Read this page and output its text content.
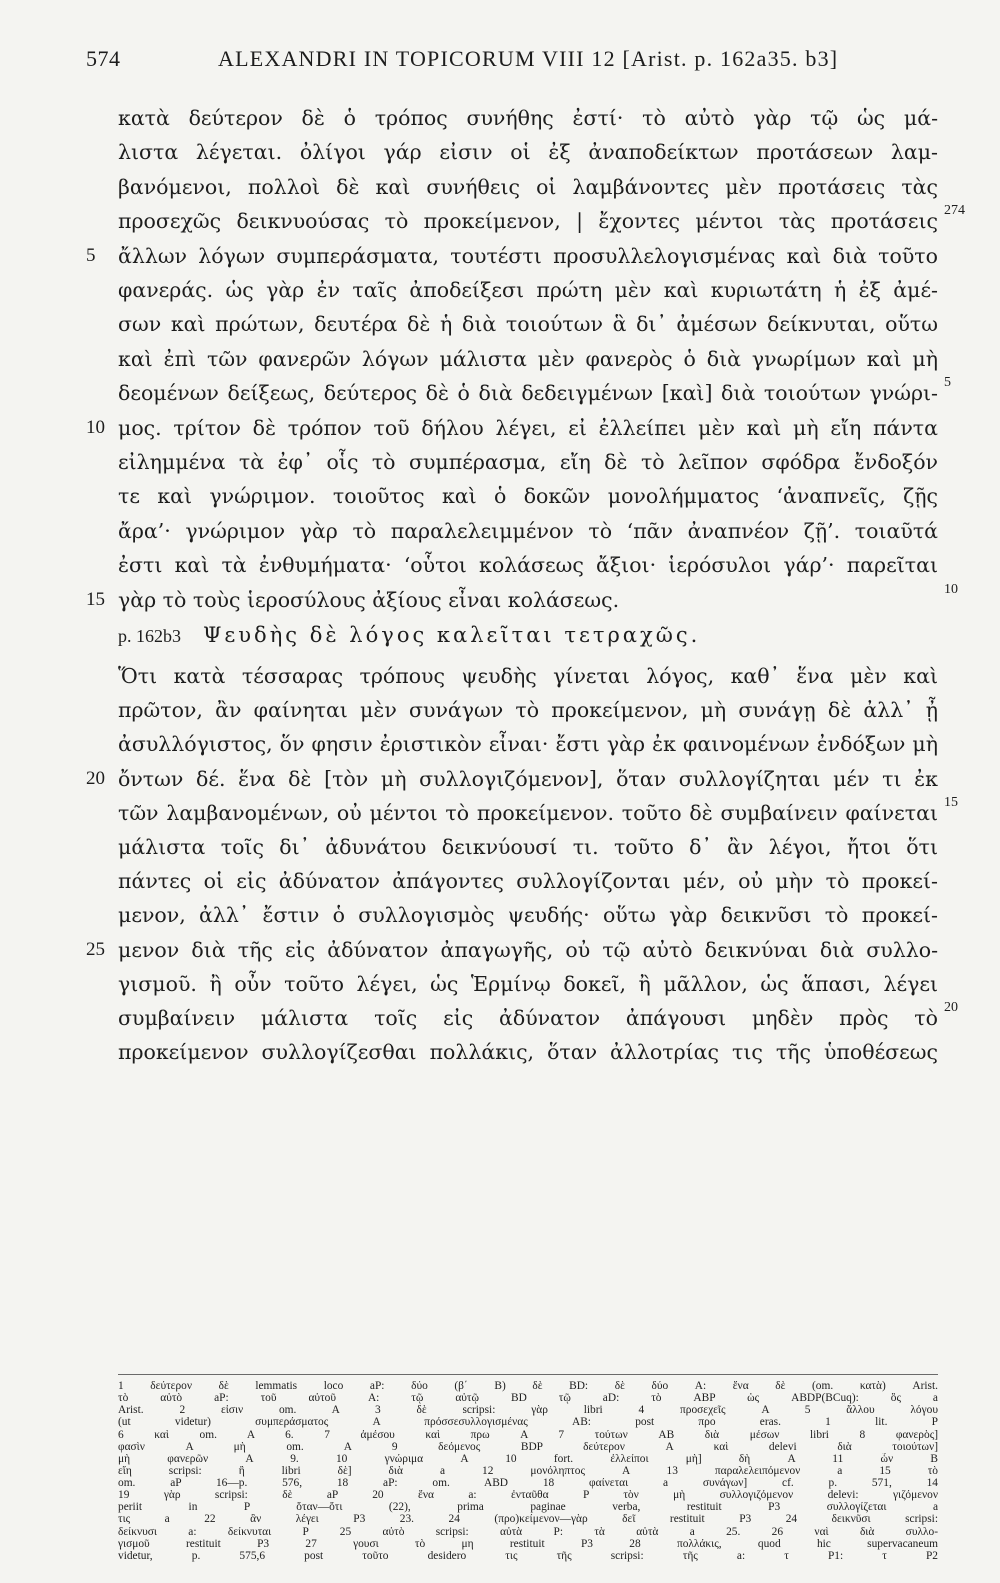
574	ALEXANDRI IN TOPICORUM VIII 12 [Arist. p. 162a35. b3]
κατὰ δεύτερον δὲ ὁ τρόπος συνήθης ἐστί· τὸ αὐτὸ γὰρ τῷ ὡς μά-
λιστα λέγεται. ὀλίγοι γάρ εἰσιν οἱ ἐξ ἀναποδείκτων προτάσεων λαμ-
βανόμενοι, πολλοὶ δὲ καὶ συνήθεις οἱ λαμβάνοντες μὲν προτάσεις τὰς
προσεχῶς δεικνυούσας τὸ προκείμενον, | ἔχοντες μέντοι τὰς προτάσεις 274
ἄλλων λόγων συμπεράσματα, τουτέστι προσυλλελογισμένας καὶ διὰ τοῦτο
5
φανεράς. ὡς γὰρ ἐν ταῖς ἀποδείξεσι πρώτη μὲν καὶ κυριωτάτη ἡ ἐξ ἀμέ-
σων καὶ πρώτων, δευτέρα δὲ ἡ διὰ τοιούτων ἃ δι᾽ ἀμέσων δείκνυται, οὕτω
καὶ ἐπὶ τῶν φανερῶν λόγων μάλιστα μὲν φανερὸς ὁ διὰ γνωρίμων καὶ μὴ
δεομένων δείξεως, δεύτερος δὲ ὁ διὰ δεδειγμένων [καὶ] διὰ τοιούτων γνώρι- 5
μος. τρίτον δὲ τρόπον τοῦ δήλου λέγει, εἰ ἐλλείπει μὲν καὶ μὴ εἴη πάντα
10
εἰλημμένα τὰ ἐφ᾽ οἷς τὸ συμπέρασμα, εἴη δὲ τὸ λεῖπον σφόδρα ἔνδοξόν
τε καὶ γνώριμον. τοιοῦτος καὶ ὁ δοκῶν μονολήμματος ‘ἀναπνεῖς, ζῇς
ἄρα’· γνώριμον γὰρ τὸ παραλελειμμένον τὸ ‘πᾶν ἀναπνέον ζῇ’. τοιαῦτά
ἐστι καὶ τὰ ἐνθυμήματα· ‘οὗτοι κολάσεως ἄξιοι· ἱερόσυλοι γάρ’· παρεῖται
γὰρ τὸ τοὺς ἱεροσύλους ἀξίους εἶναι κολάσεως.
15	10
p. 162b3 Ψευδὴς δὲ λόγος καλεῖται τετραχῶς.
Ὅτι κατὰ τέσσαρας τρόπους ψευδὴς γίνεται λόγος, καθ᾽ ἕνα μὲν καὶ
πρῶτον, ἂν φαίνηται μὲν συνάγων τὸ προκείμενον, μὴ συνάγῃ δὲ ἀλλ᾽ ᾖ
ἀσυλλόγιστος, ὅν φησιν ἐριστικὸν εἶναι· ἔστι γὰρ ἐκ φαινομένων ἐνδόξων μὴ
ὄντων δέ. ἕνα δὲ [τὸν μὴ συλλογιζόμενον], ὅταν συλλογίζηται μέν τι ἐκ
20
τῶν λαμβανομένων, οὐ μέντοι τὸ προκείμενον. τοῦτο δὲ συμβαίνειν φαίνεται 15
μάλιστα τοῖς δι᾽ ἀδυνάτου δεικνύουσί τι. τοῦτο δ᾽ ἂν λέγοι, ἤτοι ὅτι
πάντες οἱ εἰς ἀδύνατον ἀπάγοντες συλλογίζονται μέν, οὐ μὴν τὸ προκεί-
μενον, ἀλλ᾽ ἔστιν ὁ συλλογισμὸς ψευδής· οὕτω γὰρ δεικνῦσι τὸ προκεί-
μενον διὰ τῆς εἰς ἀδύνατον ἀπαγωγῆς, οὐ τῷ αὐτὸ δεικνύναι διὰ συλλο-
25
γισμοῦ. ἢ οὖν τοῦτο λέγει, ὡς Ἑρμίνῳ δοκεῖ, ἢ μᾶλλον, ὡς ἅπασι, λέγει
συμβαίνειν μάλιστα τοῖς εἰς ἀδύνατον ἀπάγουσι μηδὲν πρὸς τὸ 20
προκείμενον συλλογίζεσθαι πολλάκις, ὅταν ἀλλοτρίας τις τῆς ὑποθέσεως
1 δεύτερον δὲ lemmatis loco aP: δύο (β΄ B) δὲ BD: δὲ δύο A: ἕνα δὲ (om. κατὰ) Arist.
τὸ αὐτὸ aP: τοῦ αὐτοῦ A: τῷ αὐτῷ BD τῷ aD: τὸ ABP ὡς ABDP(BCuq): ὃς a
Arist. 2 εἰσιν om. A 3 δὲ scripsi: γὰρ libri 4 προσεχεῖς A 5 ἄλλου λόγου
(ut videtur) συμπεράσματος A πρόσσεσυλλογισμένας AB: post προ eras. 1 lit. P
6 καὶ om. A 6. 7 ἀμέσου καὶ πρω A 7 τούτων AB διὰ μέσων libri 8 φανερὸς]
φασὶν A μὴ om. A 9 δεόμενος BDP δεύτερον A καὶ delevi διὰ τοιούτων]
μὴ φανερῶν A 9. 10 γνώριμα A 10 fort. ἐλλείποι μὴ] δὴ A 11 ὧν B
εἴη scripsi: ἢ libri δὲ] διὰ a 12 μονόληπτος A 13 παραλελειπόμενον a 15 τὸ
om. aP 16—p. 576, 18 aP: om. ABD 18 φαίνεται a συνάγων] cf. p. 571, 14
19 γὰρ scripsi: δὲ aP 20 ἕνα a: ἐνταῦθα P τὸν μὴ συλλογιζόμενον delevi: γιζόμενον
periit in P ὅταν—ὅτι (22), prima paginae verba, restituit P3 συλλογίζεται a
τις a 22 ἂν λέγει P3 23. 24 (προ)κείμενον—γὰρ δεῖ restituit P3 24 δεικνῦσι scripsi:
δείκνυσι a: δείκνυται P 25 αὐτὸ scripsi: αὐτὰ P: τὰ αὐτὰ a 25. 26 ναὶ διὰ συλλο-
γισμοῦ restituit P3 27 γουσι τὸ μη restituit P3 28 πολλάκις, quod hic supervacaneum
videtur, p. 575,6 post τοῦτο desidero τις τῆς scripsi: τῆς a: τ P1: τ P2
